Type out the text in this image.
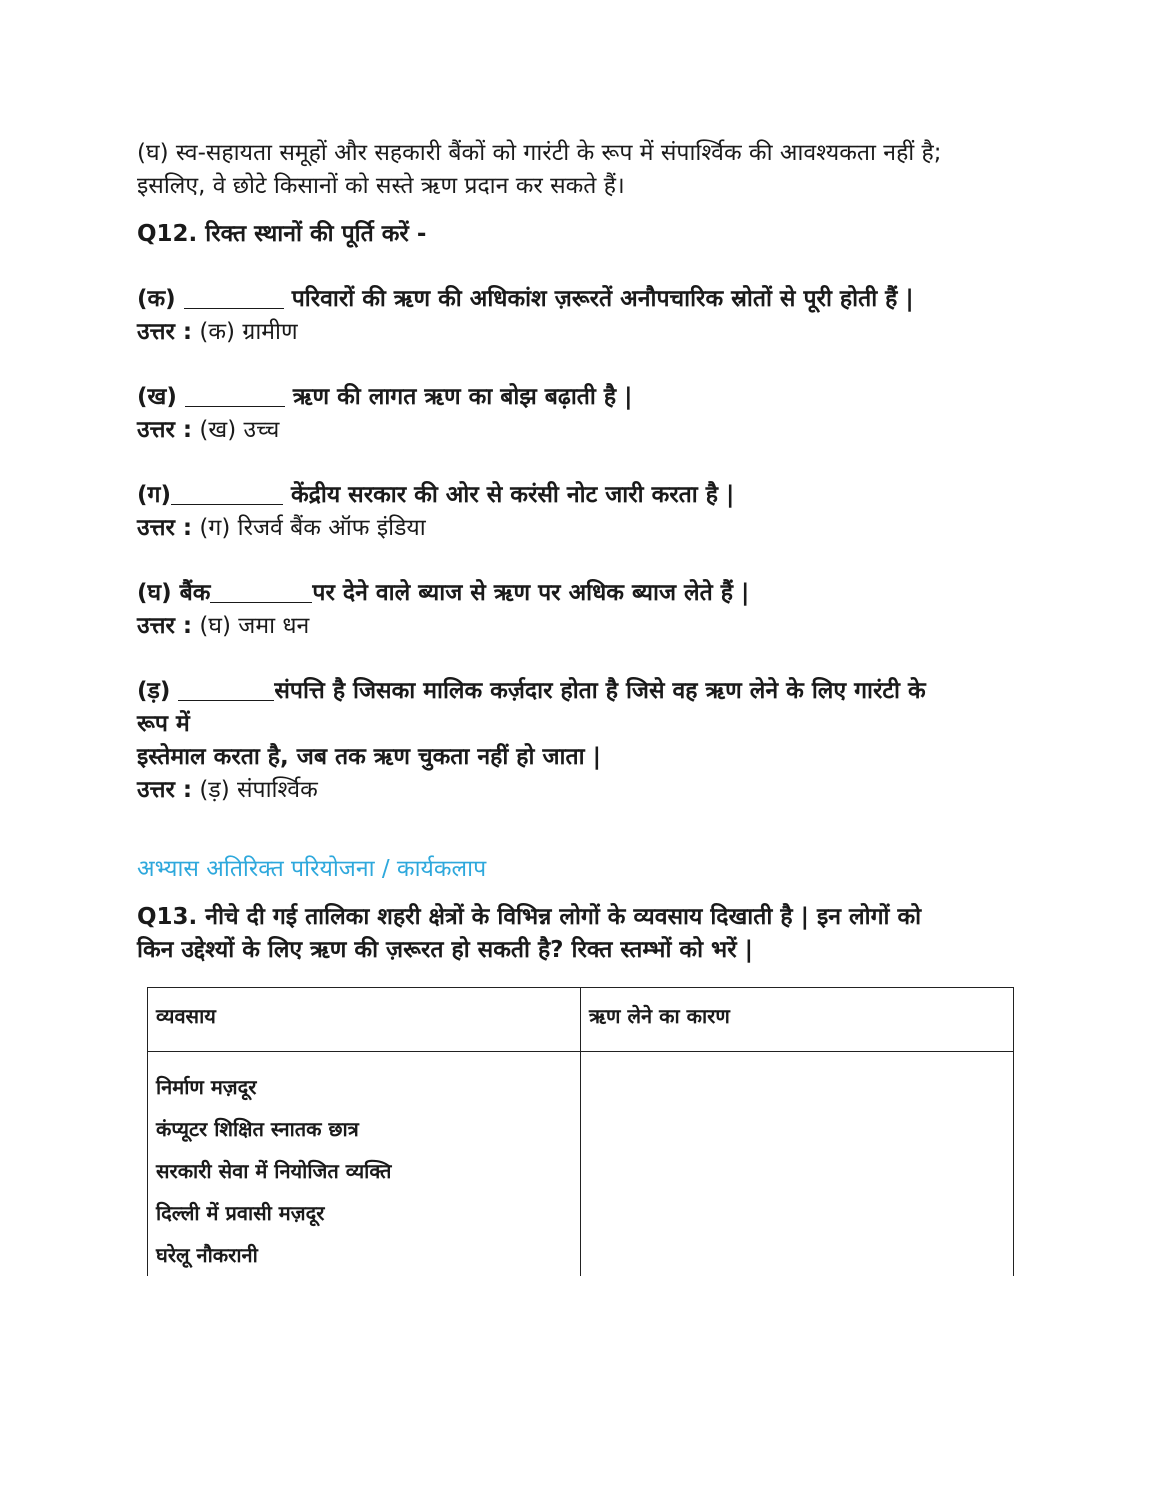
(घ) स्व-सहायता समूहों और सहकारी बैंकों को गारंटी के रूप में संपार्श्विक की आवश्यकता नहीं है;
इसलिए, वे छोटे किसानों को सस्ते ऋण प्रदान कर सकते हैं।
Q12. रिक्त स्थानों की पूर्ति करें -
(क)	परिवारों की ऋण की अधिकांश ज़रूरतें अनौपचारिक स्रोतों से पूरी होती हैं |
उत्तर : (क) ग्रामीण
(ख)	ऋण की लागत ऋण का बोझ बढ़ाती है |
उत्तर : (ख) उच्च
(ग)	केंद्रीय सरकार की ओर से करंसी नोट जारी करता है |
उत्तर : (ग) रिजर्व बैंक ऑफ इंडिया
(घ) बैंक	पर देने वाले ब्याज से ऋण पर अधिक ब्याज लेते हैं |
उत्तर : (घ) जमा धन
(ड़)	संपत्ति है जिसका मालिक कर्ज़दार होता है जिसे वह ऋण लेने के लिए गारंटी के
रूप में
इस्तेमाल करता है, जब तक ऋण चुकता नहीं हो जाता |
उत्तर : (ड़) संपार्श्विक
अभ्यास अतिरिक्त परियोजना / कार्यकलाप
Q13. नीचे दी गई तालिका शहरी क्षेत्रों के विभिन्न लोगों के व्यवसाय दिखाती है | इन लोगों को
किन उद्देश्यों के लिए ऋण की ज़रूरत हो सकती है? रिक्त स्तम्भों को भरें |
व्यवसाय	ऋण लेने का कारण

निर्माण मज़दूर
कंप्यूटर शिक्षित स्नातक छात्र
सरकारी सेवा में नियोजित व्यक्ति
दिल्ली में प्रवासी मज़दूर
घरेलू नौकरानी	
